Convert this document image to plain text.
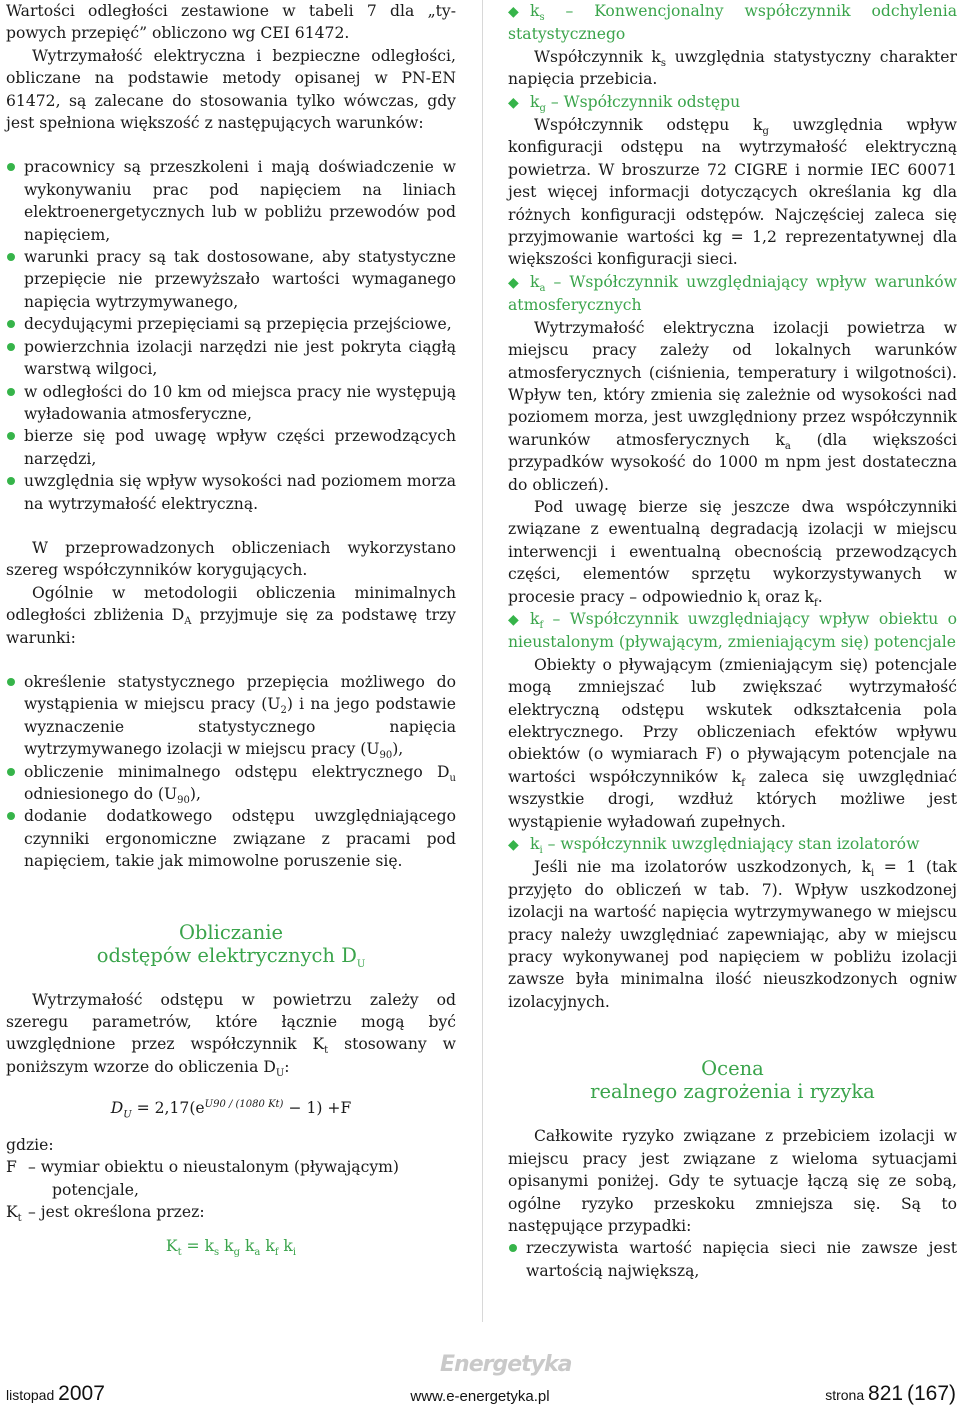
Wartości odległości zestawione w tabeli 7 dla „ty-powych przepięć” obliczono wg CEI 61472.

Wytrzymałość elektryczna i bezpieczne odległości, obliczane na podstawie metody opisanej w PN-EN 61472, są zalecane do stosowania tylko wówczas, gdy jest spełniona większość z następujących warunków:

pracownicy są przeszkoleni i mają doświadczenie w wykonywaniu prac pod napięciem na liniach elektroenergetycznych lub w pobliżu przewodów pod napięciem,
warunki pracy są tak dostosowane, aby statystyczne przepięcie nie przewyższało wartości wymaganego napięcia wytrzymywanego,
decydującymi przepięciami są przepięcia przejściowe,
powierzchnia izolacji narzędzi nie jest pokryta ciągłą warstwą wilgoci,
w odległości do 10 km od miejsca pracy nie występują wyładowania atmosferyczne,
bierze się pod uwagę wpływ części przewodzących narzędzi,
uwzględnia się wpływ wysokości nad poziomem morza na wytrzymałość elektryczną.

W przeprowadzonych obliczeniach wykorzystano szereg współczynników korygujących.

Ogólnie w metodologii obliczenia minimalnych odległości zbliżenia $D_A$ przyjmuje się za podstawę trzy warunki:

określenie statystycznego przepięcia możliwego do wystąpienia w miejscu pracy $(U_2)$ i na jego podstawie wyznaczenie statystycznego napięcia wytrzymywanego izolacji w miejscu pracy $(U_{90})$,
obliczenie minimalnego odstępu elektrycznego $D_u$ odniesionego do $(U_{90})$,
dodanie dodatkowego odstępu uwzględniającego czynniki ergonomiczne związane z pracami pod napięciem, takie jak mimowolne poruszenie się.
Obliczanie
odstępów elektrycznych $D_U$

Wytrzymałość odstępu w powietrzu zależy od szeregu parametrów, które łącznie mogą być uwzględnione przez współczynnik $K_t$ stosowany w poniższym wzorze do obliczenia $D_U$:

$D_U = 2,17(e^{U90 / (1080 Kt)} - 1) +F$

gdzie:

F – wymiar obiektu o nieustalonym (pływającym) potencjale,
$K_t$ – jest określona przez:
$K_t = k_s$ $k_g$ $k_a$ $k_f$ $k_i$

◆ $k_s$ – Konwencjonalny współczynnik odchylenia statystycznego

Współczynnik $k_s$ uwzględnia statystyczny charakter napięcia przebicia.

◆ $k_g$ – Współczynnik odstępu

Współczynnik odstępu $k_g$ uwzględnia wpływ konfiguracji odstępu na wytrzymałość elektryczną powietrza. W broszurze 72 CIGRE i normie IEC 60071 jest więcej informacji dotyczących określania kg dla różnych konfiguracji odstępów. Najczęściej zaleca się przyjmowanie wartości kg = 1,2 reprezentatywnej dla większości konfiguracji sieci.

◆ $k_a$ – Współczynnik uwzględniający wpływ warunków atmosferycznych

Wytrzymałość elektryczna izolacji powietrza w miejscu pracy zależy od lokalnych warunków atmosferycznych (ciśnienia, temperatury i wilgotności). Wpływ ten, który zmienia się zależnie od wysokości nad poziomem morza, jest uwzględniony przez współczynnik warunków atmosferycznych $k_a$ (dla większości przypadków wysokość do 1000 m npm jest dostateczna do obliczeń).

Pod uwagę bierze się jeszcze dwa współczynniki związane z ewentualną degradacją izolacji w miejscu interwencji i ewentualną obecnością przewodzących części, elementów sprzętu wykorzystywanych w procesie pracy – odpowiednio $k_i$ oraz $k_f$.

◆ $k_f$ – Współczynnik uwzględniający wpływ obiektu o nieustalonym (pływającym, zmieniającym się) potencjale

Obiekty o pływającym (zmieniającym się) potencjale mogą zmniejszać lub zwiększać wytrzymałość elektryczną odstępu wskutek odkształcenia pola elektrycznego. Przy obliczeniach efektów wpływu obiektów (o wymiarach F) o pływającym potencjale na wartości współczynników $k_f$ zaleca się uwzględniać wszystkie drogi, wzdłuż których możliwe jest wystąpienie wyładowań zupełnych.

◆ $k_i$ – współczynnik uwzględniający stan izolatorów

Jeśli nie ma izolatorów uszkodzonych, $k_i = 1$ (tak przyjęto do obliczeń w tab. 7). Wpływ uszkodzonej izolacji na wartość napięcia wytrzymywanego w miejscu pracy należy uwzględniać zapewniając, aby w miejscu pracy wykonywanej pod napięciem w pobliżu izolacji zawsze była minimalna ilość nieuszkodzonych ogniw izolacyjnych.

Ocena
realnego zagrożenia i ryzyka

Całkowite ryzyko związane z przebiciem izolacji w miejscu pracy jest związane z wieloma sytuacjami opisanymi poniżej. Gdy te sytuacje łączą się ze sobą, ogólne ryzyko przeskoku zmniejsza się. Są to następujące przypadki:

rzeczywista wartość napięcia sieci nie zawsze jest wartością największą,
Energetyka
listopad 2007	www.e-energetyka.pl	strona 821 (167)
